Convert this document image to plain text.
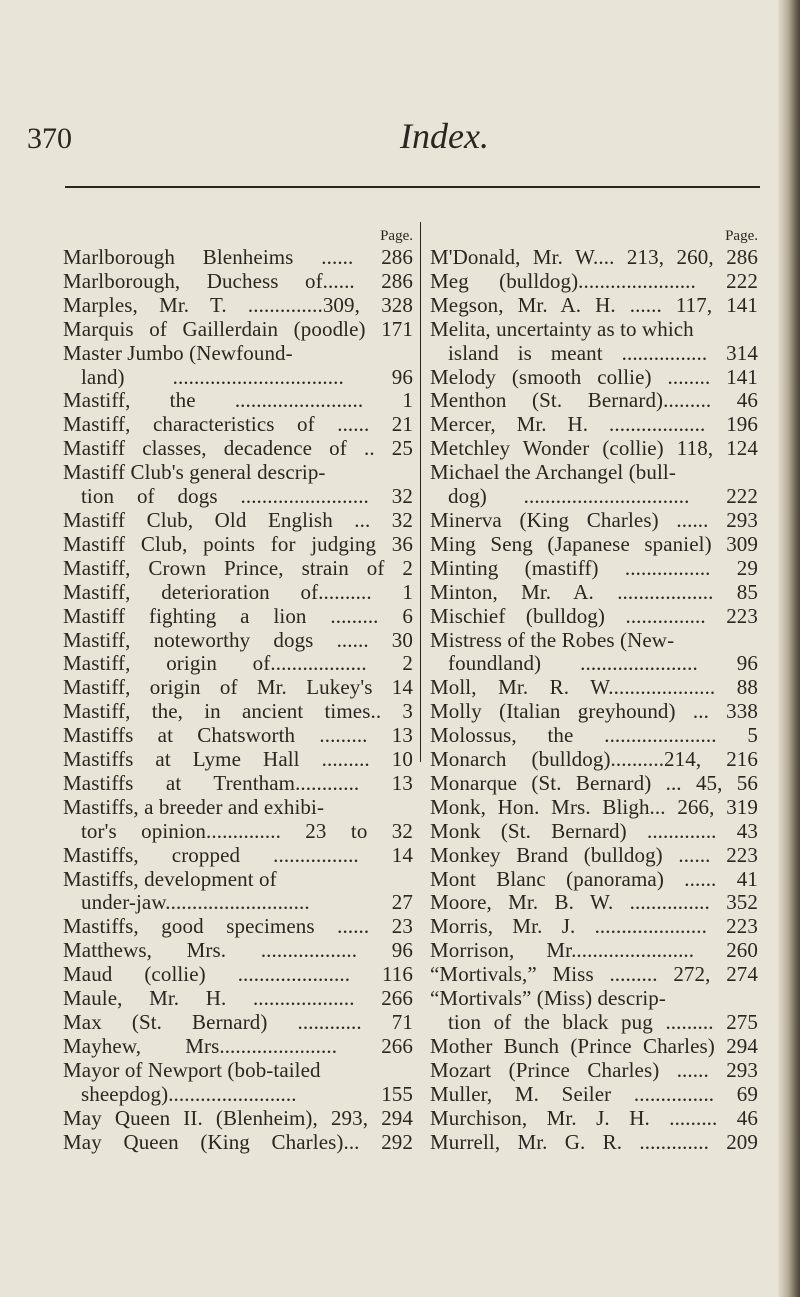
370	Index.
Page.
Marlborough Blenheims ...... 286
Marlborough, Duchess of...... 286
Marples, Mr. T. ..............309, 328
Marquis of Gaillerdain (poodle) 171
Master Jumbo (Newfound-
land) ................................ 96
Mastiff, the ........................ 1
Mastiff, characteristics of ...... 21
Mastiff classes, decadence of .. 25
Mastiff Club's general descrip-
tion of dogs ........................ 32
Mastiff Club, Old English ... 32
Mastiff Club, points for judging 36
Mastiff, Crown Prince, strain of 2
Mastiff, deterioration of.......... 1
Mastiff fighting a lion ......... 6
Mastiff, noteworthy dogs ...... 30
Mastiff, origin of.................. 2
Mastiff, origin of Mr. Lukey's 14
Mastiff, the, in ancient times.. 3
Mastiffs at Chatsworth ......... 13
Mastiffs at Lyme Hall ......... 10
Mastiffs at Trentham............ 13
Mastiffs, a breeder and exhibi-
tor's opinion.............. 23 to 32
Mastiffs, cropped ................ 14
Mastiffs, development of
under-jaw........................... 27
Mastiffs, good specimens ...... 23
Matthews, Mrs. .................. 96
Maud (collie) ..................... 116
Maule, Mr. H. ................... 266
Max (St. Bernard) ............ 71
Mayhew, Mrs...................... 266
Mayor of Newport (bob-tailed
sheepdog)........................ 155
May Queen II. (Blenheim), 293, 294
May Queen (King Charles)... 292
Page.
M'Donald, Mr. W.... 213, 260, 286
Meg (bulldog)...................... 222
Megson, Mr. A. H. ...... 117, 141
Melita, uncertainty as to which
island is meant ................ 314
Melody (smooth collie) ........ 141
Menthon (St. Bernard)......... 46
Mercer, Mr. H. .................. 196
Metchley Wonder (collie) 118, 124
Michael the Archangel (bull-
dog) ............................... 222
Minerva (King Charles) ...... 293
Ming Seng (Japanese spaniel) 309
Minting (mastiff) ................ 29
Minton, Mr. A. .................. 85
Mischief (bulldog) ............... 223
Mistress of the Robes (New-
foundland) ...................... 96
Moll, Mr. R. W.................... 88
Molly (Italian greyhound) ... 338
Molossus, the ..................... 5
Monarch (bulldog)..........214, 216
Monarque (St. Bernard) ... 45, 56
Monk, Hon. Mrs. Bligh... 266, 319
Monk (St. Bernard) ............. 43
Monkey Brand (bulldog) ...... 223
Mont Blanc (panorama) ...... 41
Moore, Mr. B. W. ............... 352
Morris, Mr. J. ..................... 223
Morrison, Mr....................... 260
“Mortivals,” Miss ......... 272, 274
“Mortivals” (Miss) descrip-
tion of the black pug ......... 275
Mother Bunch (Prince Charles) 294
Mozart (Prince Charles) ...... 293
Muller, M. Seiler ............... 69
Murchison, Mr. J. H. ......... 46
Murrell, Mr. G. R. ............. 209
